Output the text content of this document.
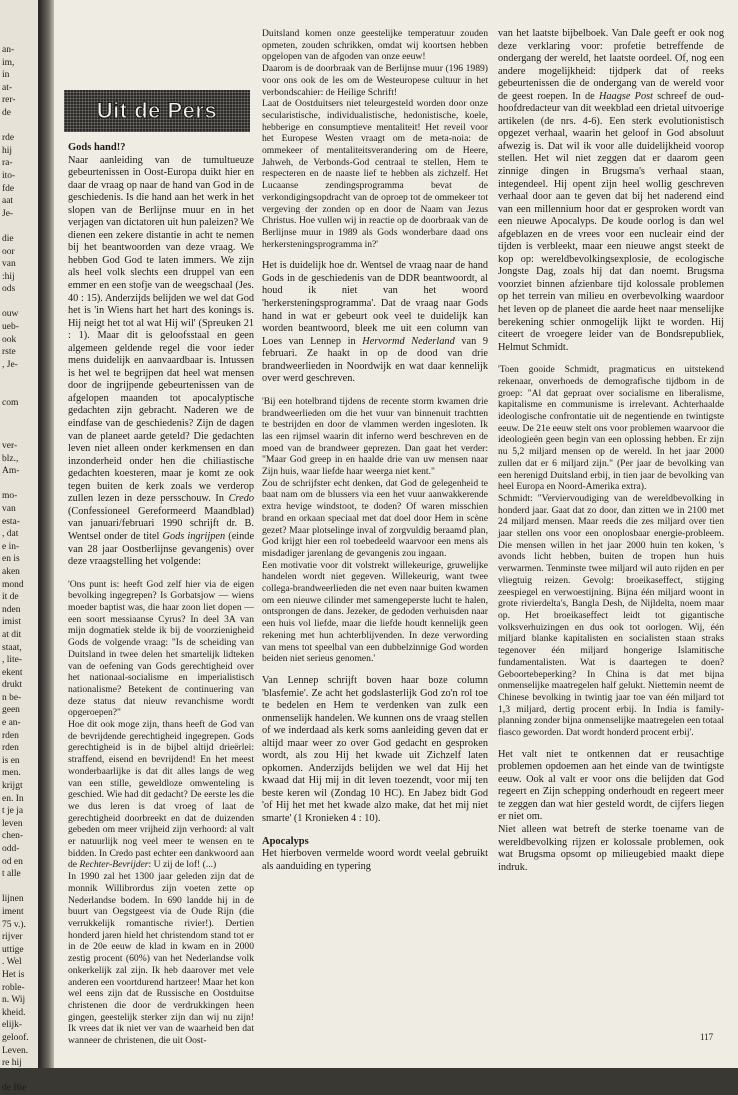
an-
im,
in
at-
rer-
de

rde
hij
ra-
ito-
fde
aat
Je-

die
oor
van
:hij
ods

ouw
ueb-
ook
rste
, Je-

com
ver-
blz.,
Am-

mo-
van
esta-
, dat
e in-
en is
aken
mond
it de
nden
imist
at dit
staat,
, lite-
ekent
drukt
n be-
geen
e an-
rden
rden
is en
men.
krijgt
en. In
t je ja
leven
chen-
odd-
od en
t alle

lijnen
iment
75 v.).
rijver
uttige
. Wel
Het is
roble-
n. Wij
kheid.
elijk-
geloof.
Leven.
re hij

de Bie
Uit de Pers

Gods hand!?

Naar aanleiding van de tumultueuze gebeurtenissen in Oost-Europa duikt hier en daar de vraag op naar de hand van God in de geschiedenis. Is die hand aan het werk in het slopen van de Berlijnse muur en in het verjagen van dictatoren uit hun paleizen? We dienen een zekere distantie in acht te nemen bij het beantwoorden van deze vraag. We hebben God God te laten immers. We zijn als heel volk slechts een druppel van een emmer en een stofje van de weegschaal (Jes. 40 : 15). Anderzijds belijden we wel dat God het is 'in Wiens hart het hart des konings is. Hij neigt het tot al wat Hij wil' (Spreuken 21 : 1). Maar dit is geloofsstaal en geen algemeen geldende regel die voor ieder mens duidelijk en aanvaardbaar is. Intussen is het wel te begrijpen dat heel wat mensen door de ingrijpende gebeurtenissen van de afgelopen maanden tot apocalyptische gedachten zijn gebracht. Naderen we de eindfase van de geschiedenis? Zijn de dagen van de planeet aarde geteld? Die gedachten leven niet alleen onder kerkmensen en dan inzonderheid onder hen die chiliastische gedachten koesteren, maar je komt ze ook tegen buiten de kerk zoals we verderop zullen lezen in deze persschouw. In Credo (Confessioneel Gereformeerd Maandblad) van januari/februari 1990 schrijft dr. B. Wentsel onder de titel Gods ingrijpen (einde van 28 jaar Oostberlijnse gevangenis) over deze vraagstelling het volgende:

'Ons punt is: heeft God zelf hier via de eigen bevolking ingegrepen? Is Gorbatsjow — wiens moeder baptist was, die haar zoon liet dopen — een soort messiaanse Cyrus? In deel 3A van mijn dogmatiek stelde ik bij de voorzienigheid Gods de volgende vraag: "Is de scheiding van Duitsland in twee delen het smartelijk lidteken van de oefening van Gods gerechtigheid over het nationaal-socialisme en imperialistisch nationalisme? Betekent de continuering van deze status dat nieuw revanchisme wordt opgeroepen?"

Hoe dit ook moge zijn, thans heeft de God van de bevrijdende gerechtigheid ingegrepen. Gods gerechtigheid is in de bijbel altijd drieërlei: straffend, eisend en bevrijdend! En het meest wonderbaarlijke is dat dit alles langs de weg van een stille, geweldloze omwenteling is geschied. Wie had dit gedacht? De eerste les die we dus leren is dat vroeg of laat de gerechtigheid doorbreekt en dat de duizenden gebeden om meer vrijheid zijn verhoord: al valt er natuurlijk nog veel meer te wensen en te bidden. In Credo past echter een dankwoord aan de Rechter-Bevrijder: U zij de lof! (...)

In 1990 zal het 1300 jaar geleden zijn dat de monnik Willibrordus zijn voeten zette op Nederlandse bodem. In 690 landde hij in de buurt van Oegstgeest via de Oude Rijn (die verrukkelijk romantische rivier!). Dertien honderd jaren hield het christendom stand tot er in de 20e eeuw de klad in kwam en in 2000 zestig procent (60%) van het Nederlandse volk onkerkelijk zal zijn. Ik heb daarover met vele anderen een voortdurend hartzeer! Maar het kon wel eens zijn dat de Russische en Oostduitse christenen die door de verdrukkingen heen gingen, geestelijk sterker zijn dan wij nu zijn! Ik vrees dat ik niet ver van de waarheid ben dat wanneer de christenen, die uit Oost-

Duitsland komen onze geestelijke temperatuur zouden opmeten, zouden schrikken, omdat wij koortsen hebben opgelopen van de afgoden van onze eeuw!

Daarom is de doorbraak van de Berlijnse muur (196 1989) voor ons ook de les om de Westeuropese cultuur in het verbondscahier: de Heilige Schrift!

Laat de Oostduitsers niet teleurgesteld worden door onze secularistische, individualistische, hedonistische, koele, hebberige en consumptieve mentaliteit! Het reveil voor het Europese Westen vraagt om de meta-noia: de ommekeer of mentaliteitsverandering om de Heere, Jahweh, de Verbonds-God centraal te stellen, Hem te respecteren en de naaste lief te hebben als zichzelf. Het Lucaanse zendingsprogramma bevat de verkondigingsopdracht van de oproep tot de ommekeer tot vergeving der zonden op en door de Naam van Jezus Christus. Hoe vullen wij in reactie op de doorbraak van de Berlijnse muur in 1989 als Gods wonderbare daad ons herkersteningsprogramma in?'

Het is duidelijk hoe dr. Wentsel de vraag naar de hand Gods in de geschiedenis van de DDR beantwoordt, al houd ik niet van het woord 'herkersteningsprogramma'. Dat de vraag naar Gods hand in wat er gebeurt ook veel te duidelijk kan worden beantwoord, bleek me uit een column van Loes van Lennep in Hervormd Nederland van 9 februari. Ze haakt in op de dood van drie brandweerlieden in Noordwijk en wat daar kennelijk over werd geschreven.

'Bij een hotelbrand tijdens de recente storm kwamen drie brandweerlieden om die het vuur van binnenuit trachtten te bestrijden en door de vlammen werden ingesloten. Ik las een rijmsel waarin dit inferno werd beschreven en de moed van de brandweer geprezen. Dan gaat het verder: "Maar God greep in en haalde drie van uw mensen naar Zijn huis, waar liefde haar weerga niet kent."

Zou de schrijfster echt denken, dat God de gelegenheid te baat nam om de blussers via een het vuur aanwakkerende extra hevige windstoot, te doden? Of waren misschien brand en orkaan speciaal met dat doel door Hem in scène gezet? Maar plotselinge inval of zorgvuldig beraamd plan, God krijgt hier een rol toebedeeld waarvoor een mens als misdadiger jarenlang de gevangenis zou ingaan.

Een motivatie voor dit volstrekt willekeurige, gruwelijke handelen wordt niet gegeven. Willekeurig, want twee collega-brandweerlieden die net even naar buiten kwamen om een nieuwe cilinder met samengeperste lucht te halen, ontsprongen de dans. Jezeker, de gedoden verhuisden naar een huis vol liefde, maar die liefde houdt kennelijk geen rekening met hun achterblijvenden. In deze verwording van mens tot speelbal van een dubbelzinnige God worden beiden niet serieus genomen.'

Van Lennep schrijft boven haar boze column 'blasfemie'. Ze acht het godslasterlijk God zo'n rol toe te bedelen en Hem te verdenken van zulk een onmenselijk handelen. We kunnen ons de vraag stellen of we inderdaad als kerk soms aanleiding geven dat er altijd maar weer zo over God gedacht en gesproken wordt, als zou Hij het kwade uit Zichzelf laten opkomen. Anderzijds belijden we wel dat Hij het kwaad dat Hij mij in dit leven toezendt, voor mij ten beste keren wil (Zondag 10 HC). En Jabez bidt God 'of Hij het met het kwade alzo make, dat het mij niet smarte' (1 Kronieken 4 : 10).

Apocalyps

Het hierboven vermelde woord wordt veelal gebruikt als aanduiding en typering

van het laatste bijbelboek. Van Dale geeft er ook nog deze verklaring voor: profetie betreffende de ondergang der wereld, het laatste oordeel. Of, nog een andere mogelijkheid: tijdperk dat of reeks gebeurtenissen die de ondergang van de wereld voor de geest roepen. In de Haagse Post schreef de oud-hoofdredacteur van dit weekblad een drietal uitvoerige artikelen (de nrs. 4-6). Een sterk evolutionistisch opgezet verhaal, waarin het geloof in God absoluut afwezig is. Dat wil ik voor alle duidelijkheid voorop stellen. Het wil niet zeggen dat er daarom geen zinnige dingen in Brugsma's verhaal staan, integendeel. Hij opent zijn heel wollig geschreven verhaal door aan te geven dat bij het naderend eind van een millennium hoor dat er gesproken wordt van een nieuwe Apocalyps. De koude oorlog is dan wel afgeblazen en de vrees voor een nucleair eind der tijden is verbleekt, maar een nieuwe angst steekt de kop op: wereldbevolkingsexplosie, de ecologische Jongste Dag, zoals hij dat dan noemt. Brugsma voorziet binnen afzienbare tijd kolossale problemen op het terrein van milieu en overbevolking waardoor het leven op de planeet die aarde heet naar menselijke berekening schier onmogelijk lijkt te worden. Hij citeert de vroegere leider van de Bondsrepubliek, Helmut Schmidt.

'Toen gooide Schmidt, pragmaticus en uitstekend rekenaar, onverhoeds de demografische tijdbom in de groep: "Al dat gepraat over socialisme en liberalisme, kapitalisme en communisme is irrelevant. Achterhaalde ideologische confrontatie uit de negentiende en twintigste eeuw. De 21e eeuw stelt ons voor problemen waarvoor die ideologieën geen begin van een oplossing hebben. Er zijn nu 5,2 miljard mensen op de wereld. In het jaar 2000 zullen dat er 6 miljard zijn." (Per jaar de bevolking van een herenigd Duitsland erbij, in tien jaar de bevolking van heel Europa en Noord-Amerika extra).

Schmidt: "Verviervoudiging van de wereldbevolking in honderd jaar. Gaat dat zo door, dan zitten we in 2100 met 24 miljard mensen. Maar reeds die zes miljard over tien jaar stellen ons voor een onoplosbaar energie-probleem. Die mensen willen in het jaar 2000 huin ten koken, 's avonds licht hebben, buiten de tropen hun huis verwarmen. Tenminste twee miljard wil auto rijden en per vliegtuig reizen. Gevolg: broeikaseffect, stijging zeespiegel en verwoestijning. Bijna één miljard woont in grote rivierdelta's, Bangla Desh, de Nijldelta, noem maar op. Het broeikaseffect leidt tot gigantische volksverhuizingen en dus ook tot oorlogen. Wij, één miljard blanke kapitalisten en socialisten staan straks tegenover één miljard hongerige Islamitische fundamentalisten. Wat is daartegen te doen? Geboortebeperking? In China is dat met bijna onmenselijke maatregelen half gelukt. Niettemin neemt de Chinese bevolking in twintig jaar toe van één miljard tot 1,3 miljard, dertig procent erbij. In India is family-planning zonder bijna onmenselijke maatregelen een totaal fiasco geworden. Dat wordt honderd procent erbij'.

Het valt niet te ontkennen dat er reusachtige problemen opdoemen aan het einde van de twintigste eeuw. Ook al valt er voor ons die belijden dat God regeert en Zijn schepping onderhoudt en regeert meer te zeggen dan wat hier gesteld wordt, de cijfers liegen er niet om.

Niet alleen wat betreft de sterke toename van de wereldbevolking rijzen er kolossale problemen, ook wat Brugsma opsomt op milieugebied maakt diepe indruk.

117
